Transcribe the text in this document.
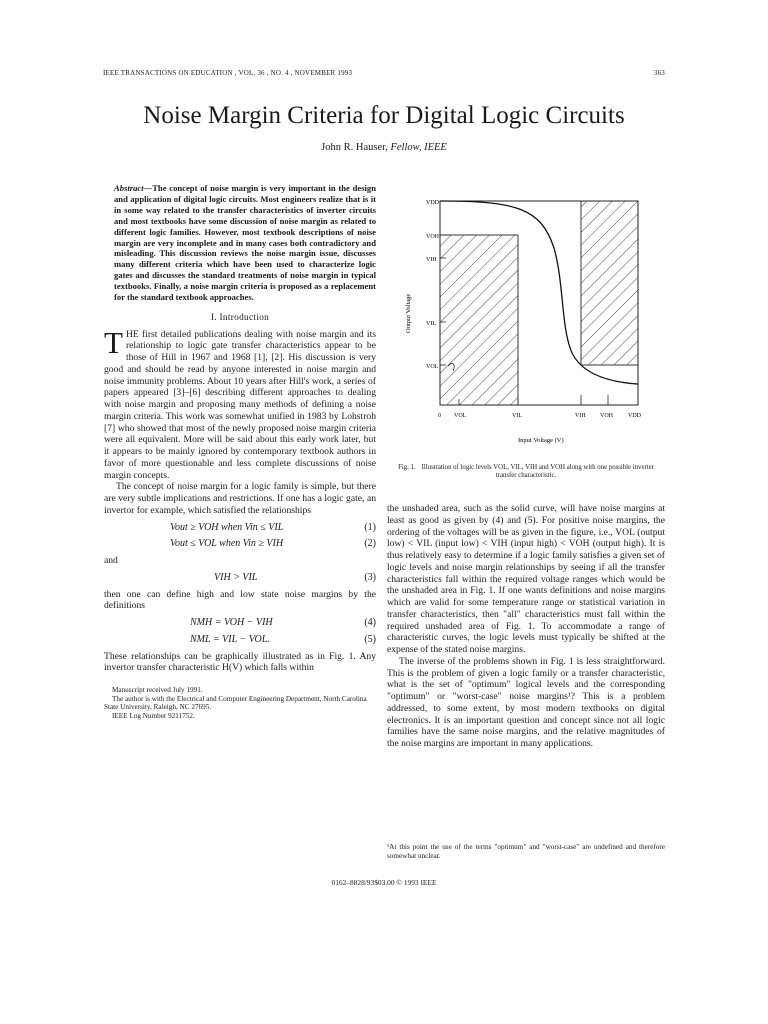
IEEE TRANSACTIONS ON EDUCATION , VOL. 36 , NO. 4 , NOVEMBER 1993	363
Noise Margin Criteria for Digital Logic Circuits
John R. Hauser, Fellow, IEEE
Abstract—The concept of noise margin is very important in the design and application of digital logic circuits. Most engineers realize that is it in some way related to the transfer characteristics of inverter circuits and most textbooks have some discussion of noise margin as related to different logic families. However, most textbook descriptions of noise margin are very incomplete and in many cases both contradictory and misleading. This discussion reviews the noise margin issue, discusses many different criteria which have been used to characterize logic gates and discusses the standard treatments of noise margin in typical textbooks. Finally, a noise margin criteria is proposed as a replacement for the standard textbook approaches.
I. Introduction

THE first detailed publications dealing with noise margin and its relationship to logic gate transfer characteristics appear to be those of Hill in 1967 and 1968 [1], [2]. His discussion is very good and should be read by anyone interested in noise margin and noise immunity problems. About 10 years after Hill's work, a series of papers appeared [3]–[6] describing different approaches to dealing with noise margin and proposing many methods of defining a noise margin criteria. This work was somewhat unified in 1983 by Lohstroh [7] who showed that most of the newly proposed noise margin criteria were all equivalent. More will be said about this early work later, but it appears to be mainly ignored by contemporary textbook authors in favor of more questionable and less complete discussions of noise margin concepts.

The concept of noise margin for a logic family is simple, but there are very subtle implications and restrictions. If one has a logic gate, an invertor for example, which satisfied the relationships

Vout ≥ VOH when Vin ≤ VIL	(1)
Vout ≤ VOL when Vin ≥ VIH	(2)
and
VIH > VIL	(3)

then one can define high and low state noise margins by the definitions

NMH = VOH − VIH	(4)
NML = VIL − VOL.	(5)

These relationships can be graphically illustrated as in Fig. 1. Any invertor transfer characteristic H(V) which falls within

Manuscript received July 1991.
The author is with the Electrical and Computer Engineering Department, North Carolina State University, Raleigh, NC 27695.
IEEE Log Number 9211752.
VDD
VOH
VIH
VIL
VOL
Output Voltage
0 VOL	VIL	VIH VOH	VDD
Input Voltage (V)
Fig. 1. Illustration of logic levels VOL, VIL, VIH and VOH along with one possible inverter transfer characteristic.

the unshaded area, such as the solid curve, will have noise margins at least as good as given by (4) and (5). For positive noise margins, the ordering of the voltages will be as given in the figure, i.e., VOL (output low) < VIL (input low) < VIH (input high) < VOH (output high). It is thus relatively easy to determine if a logic family satisfies a given set of logic levels and noise margin relationships by seeing if all the transfer characteristics fall within the required voltage ranges which would be the unshaded area in Fig. 1. If one wants definitions and noise margins which are valid for some temperature range or statistical variation in transfer characteristics, then "all" characteristics must fall within the required unshaded area of Fig. 1. To accommodate a range of characteristic curves, the logic levels must typically be shifted at the expense of the stated noise margins.

The inverse of the problems shown in Fig. 1 is less straightforward. This is the problem of given a logic family or a transfer characteristic, what is the set of "optimum" logical levels and the corresponding "optimum" or "worst-case" noise margins¹? This is a problem addressed, to some extent, by most modern textbooks on digital electronics. It is an important question and concept since not all logic families have the same noise margins, and the relative magnitudes of the noise margins are important in many applications.

¹At this point the use of the terms "optimum" and "worst-case" are undefined and therefore somewhat unclear.
0162–8828/93$03.00 © 1993 IEEE
